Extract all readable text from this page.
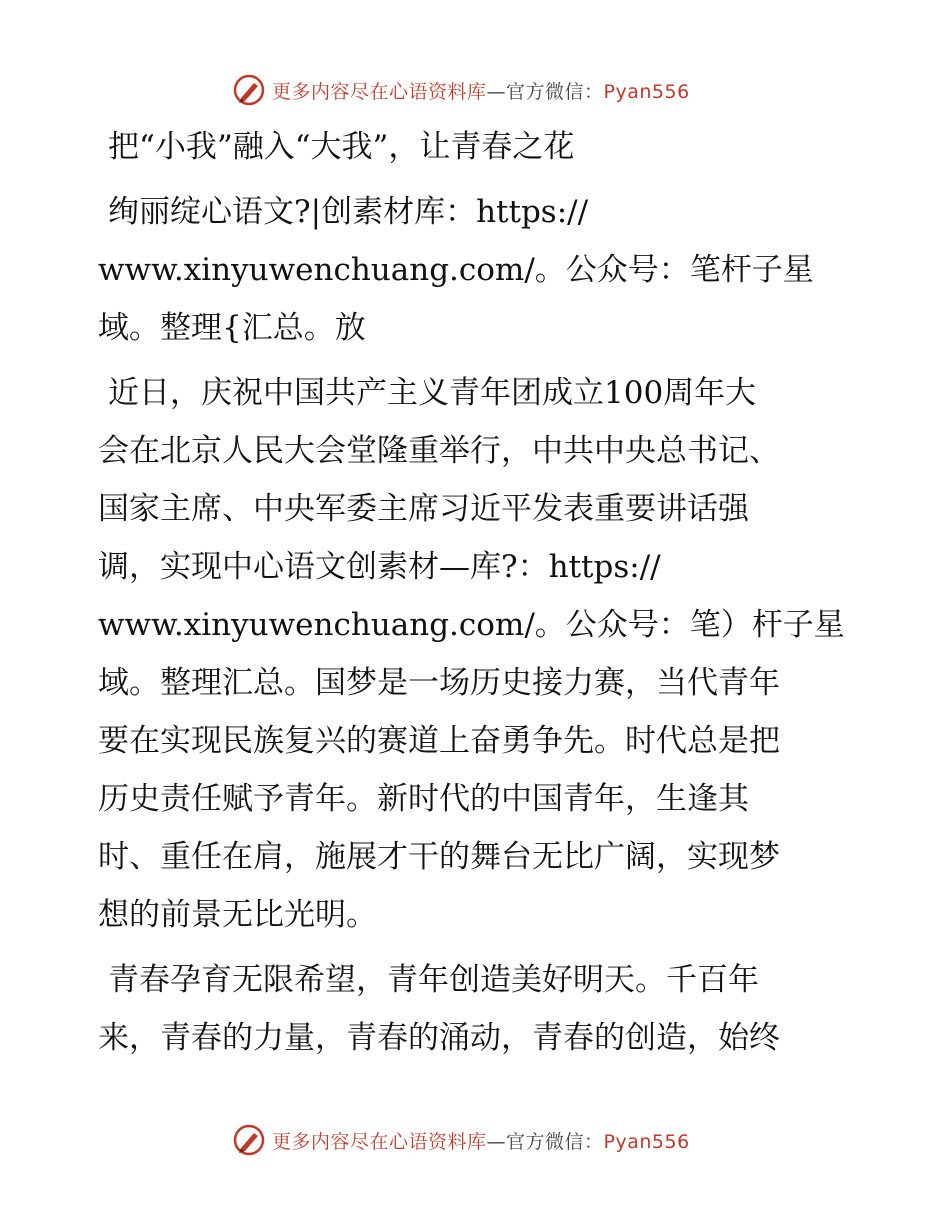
更多内容尽在心语资料库—官方微信：Pyan556
把“小我”融入“大我”，让青春之花
绚丽绽心语文?|创素材库：https://
www.xinyuwenchuang.com/。公众号：笔杆子星
域。整理{汇总。放
近日，庆祝中国共产主义青年团成立100周年大
会在北京人民大会堂隆重举行，中共中央总书记、
国家主席、中央军委主席习近平发表重要讲话强
调，实现中心语文创素材—库?：https://
www.xinyuwenchuang.com/。公众号：笔）杆子星
域。整理汇总。国梦是一场历史接力赛，当代青年
要在实现民族复兴的赛道上奋勇争先。时代总是把
历史责任赋予青年。新时代的中国青年，生逢其
时、重任在肩，施展才干的舞台无比广阔，实现梦
想的前景无比光明。
青春孕育无限希望，青年创造美好明天。千百年
来，青春的力量，青春的涌动，青春的创造，始终
更多内容尽在心语资料库—官方微信：Pyan556
